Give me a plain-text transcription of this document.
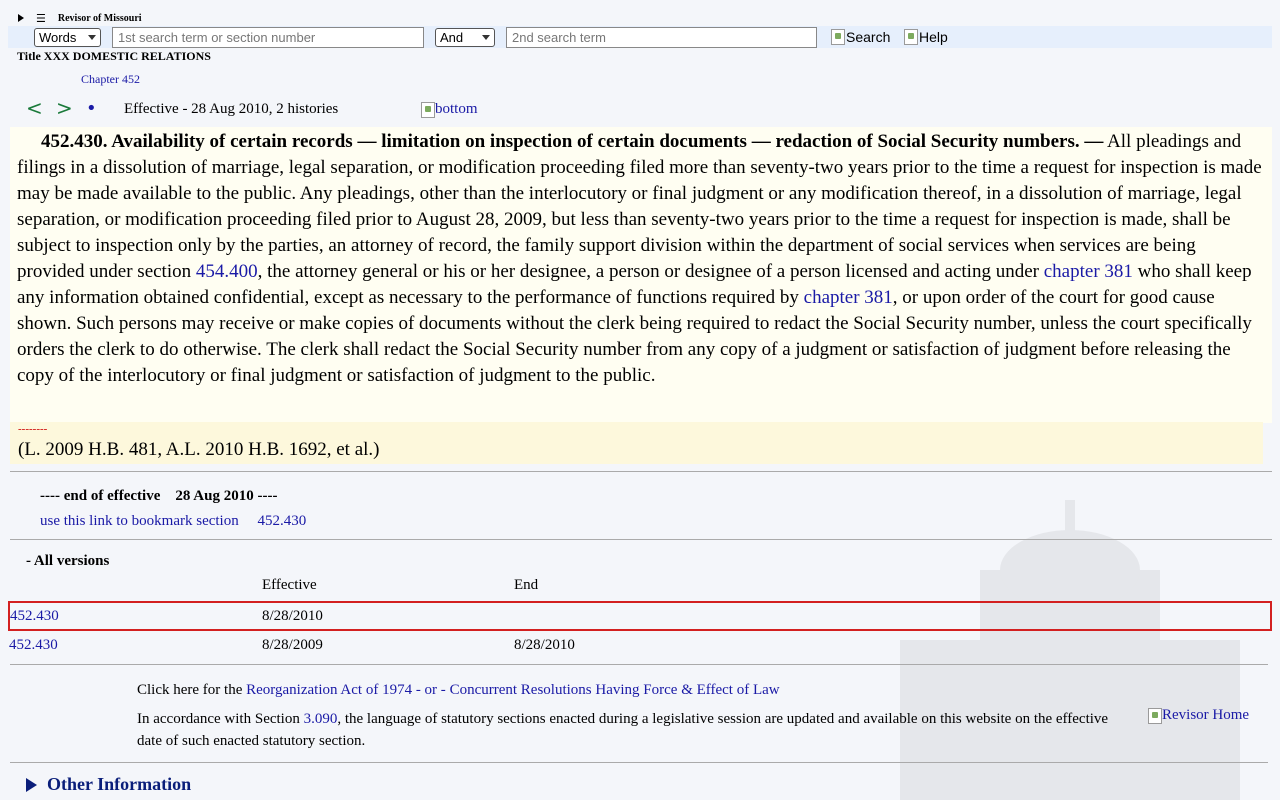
☰ Revisor of Missouri
Words	1st search term or section number	And	2nd search term	Search Help
Title XXX DOMESTIC RELATIONS
Chapter 452
< > •	Effective - 28 Aug 2010, 2 histories	bottom

452.430. Availability of certain records — limitation on inspection of certain documents — redaction of Social Security numbers. — All pleadings and filings in a dissolution of marriage, legal separation, or modification proceeding filed more than seventy-two years prior to the time a request for inspection is made may be made available to the public. Any pleadings, other than the interlocutory or final judgment or any modification thereof, in a dissolution of marriage, legal separation, or modification proceeding filed prior to August 28, 2009, but less than seventy-two years prior to the time a request for inspection is made, shall be subject to inspection only by the parties, an attorney of record, the family support division within the department of social services when services are being provided under section 454.400, the attorney general or his or her designee, a person or designee of a person licensed and acting under chapter 381 who shall keep any information obtained confidential, except as necessary to the performance of functions required by chapter 381, or upon order of the court for good cause shown. Such persons may receive or make copies of documents without the clerk being required to redact the Social Security number, unless the court specifically orders the clerk to do otherwise. The clerk shall redact the Social Security number from any copy of a judgment or satisfaction of judgment before releasing the copy of the interlocutory or final judgment or satisfaction of judgment to the public.

--------
(L. 2009 H.B. 481, A.L. 2010 H.B. 1692, et al.)
---- end of effective 28 Aug 2010 ----
use this link to bookmark section 452.430
- All versions
Effective	End
452.430	8/28/2010
452.430	8/28/2009	8/28/2010
Click here for the Reorganization Act of 1974 - or - Concurrent Resolutions Having Force & Effect of Law
In accordance with Section 3.090, the language of statutory sections enacted during a legislative session are updated and available on this website on the effective date of such enacted statutory section.
Revisor Home
Other Information
